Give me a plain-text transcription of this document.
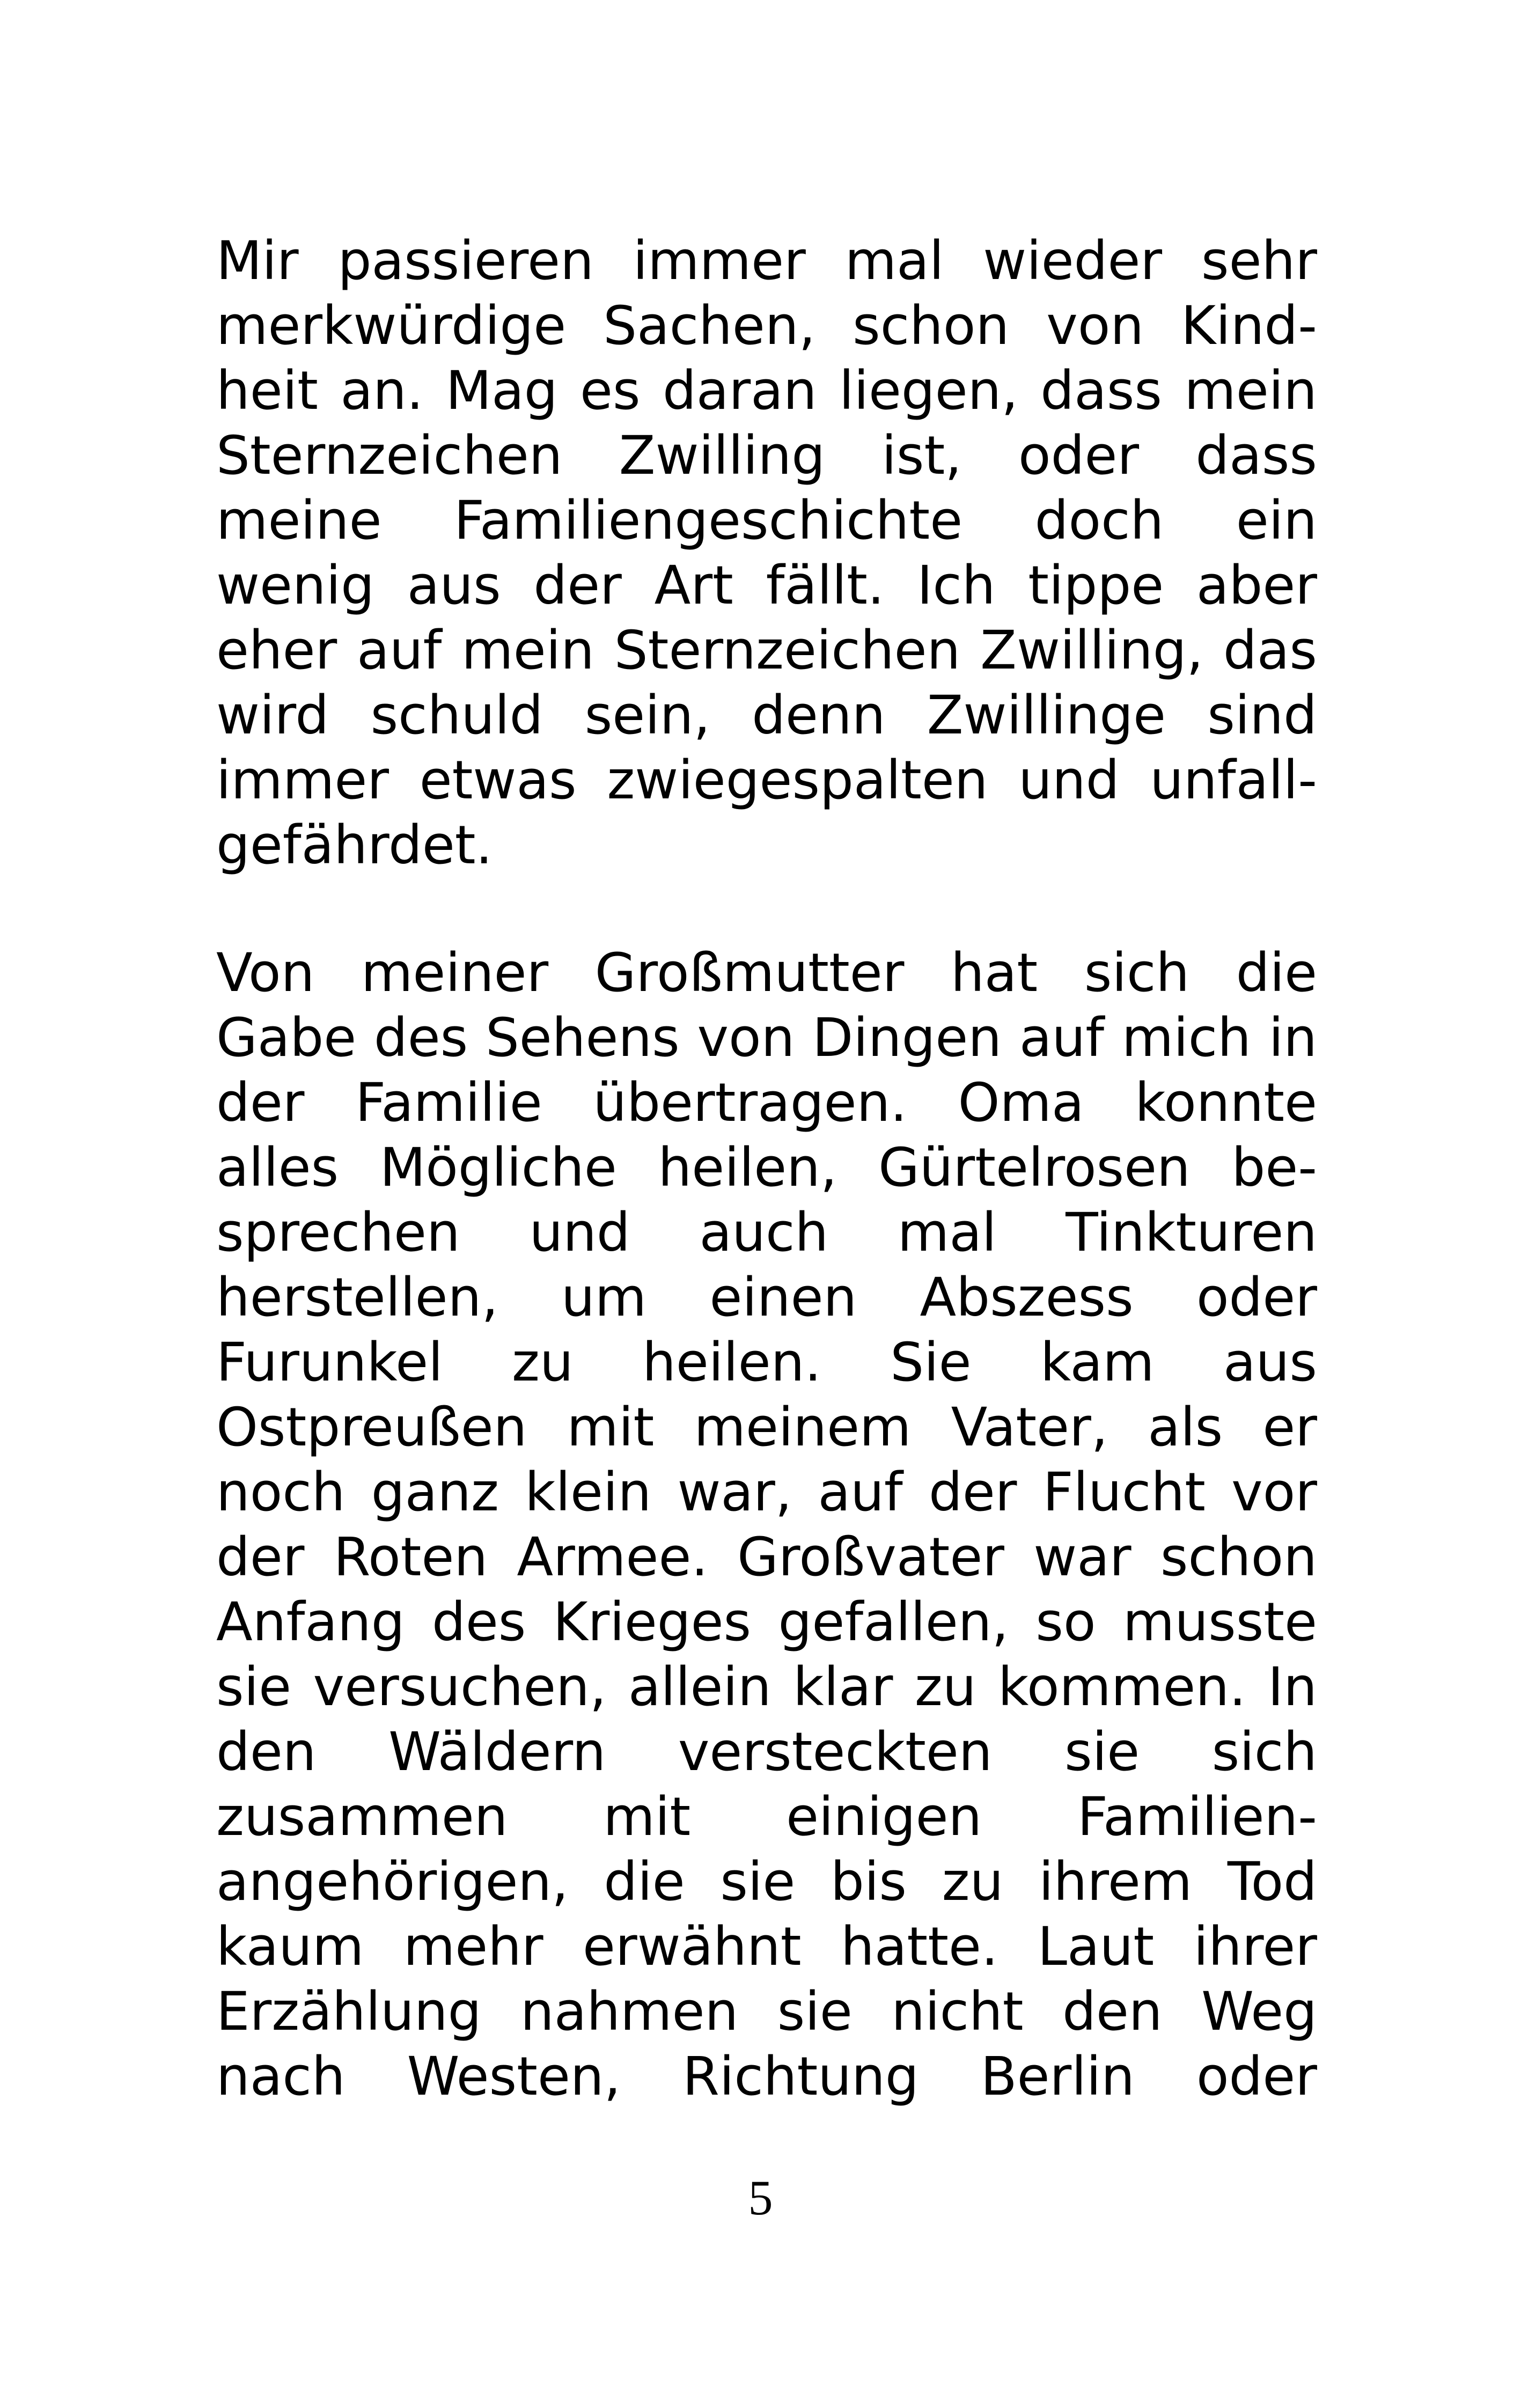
Mir passieren immer mal wieder sehr
merkwürdige Sachen, schon von Kind-
heit an. Mag es daran liegen, dass mein
Sternzeichen Zwilling ist, oder dass
meine Familiengeschichte doch ein
wenig aus der Art fällt. Ich tippe aber
eher auf mein Sternzeichen Zwilling, das
wird schuld sein, denn Zwillinge sind
immer etwas zwiegespalten und unfall-
gefährdet.
Von meiner Großmutter hat sich die
Gabe des Sehens von Dingen auf mich in
der Familie übertragen. Oma konnte
alles Mögliche heilen, Gürtelrosen be-
sprechen und auch mal Tinkturen
herstellen, um einen Abszess oder
Furunkel zu heilen. Sie kam aus
Ostpreußen mit meinem Vater, als er
noch ganz klein war, auf der Flucht vor
der Roten Armee. Großvater war schon
Anfang des Krieges gefallen, so musste
sie versuchen, allein klar zu kommen. In
den Wäldern versteckten sie sich
zusammen mit einigen Familien-
angehörigen, die sie bis zu ihrem Tod
kaum mehr erwähnt hatte. Laut ihrer
Erzählung nahmen sie nicht den Weg
nach Westen, Richtung Berlin oder
5
